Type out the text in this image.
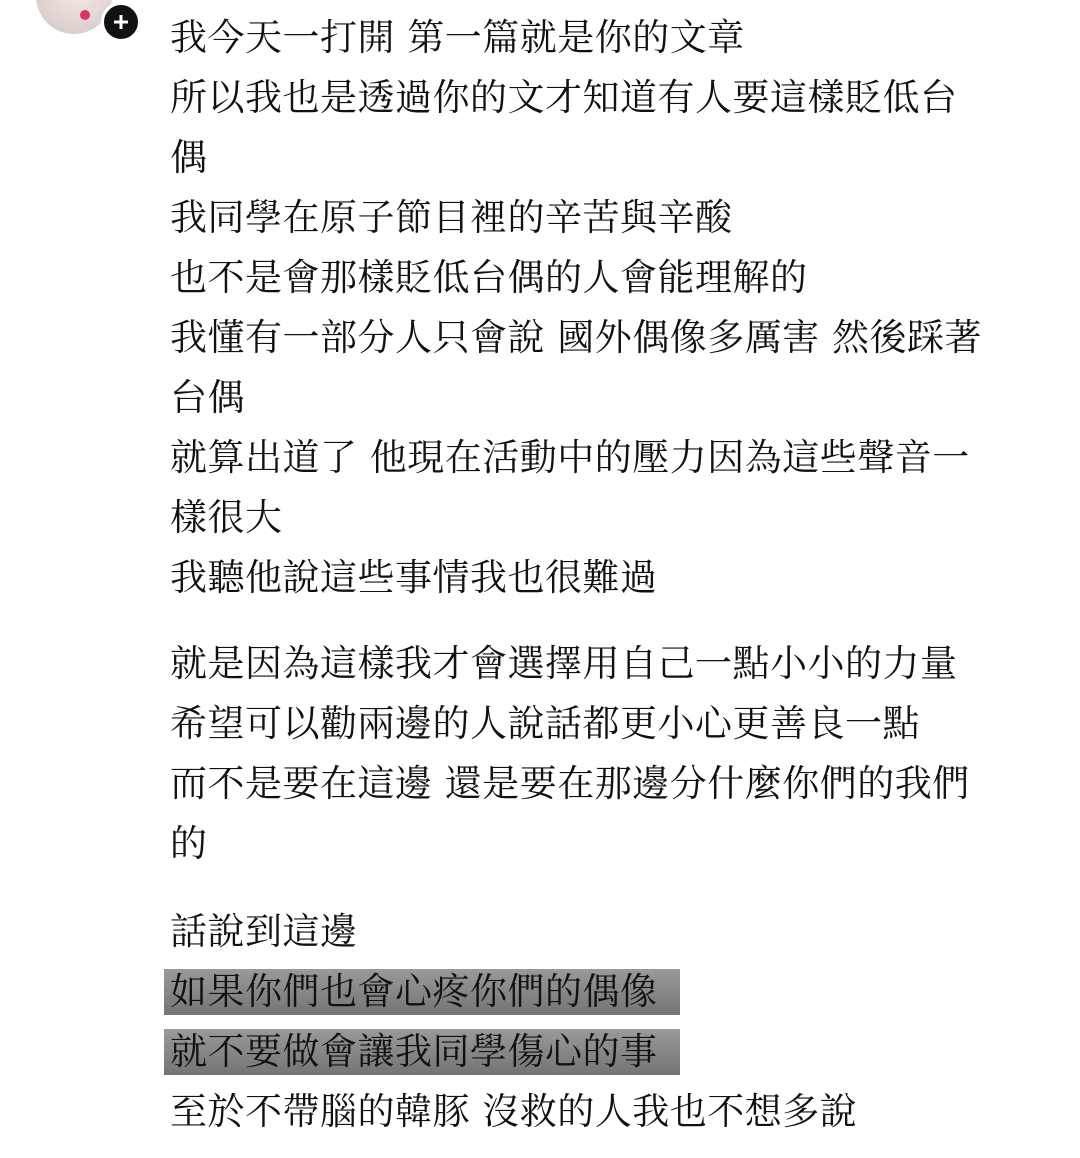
我今天一打開 第一篇就是你的文章
所以我也是透過你的文才知道有人要這樣貶低台
偶
我同學在原子節目裡的辛苦與辛酸
也不是會那樣貶低台偶的人會能理解的
我懂有一部分人只會說 國外偶像多厲害 然後踩著
台偶
就算出道了 他現在活動中的壓力因為這些聲音一
樣很大
我聽他說這些事情我也很難過
就是因為這樣我才會選擇用自己一點小小的力量
希望可以勸兩邊的人說話都更小心更善良一點
而不是要在這邊 還是要在那邊分什麼你們的我們
的
話說到這邊
如果你們也會心疼你們的偶像
就不要做會讓我同學傷心的事
至於不帶腦的韓豚 沒救的人我也不想多說
